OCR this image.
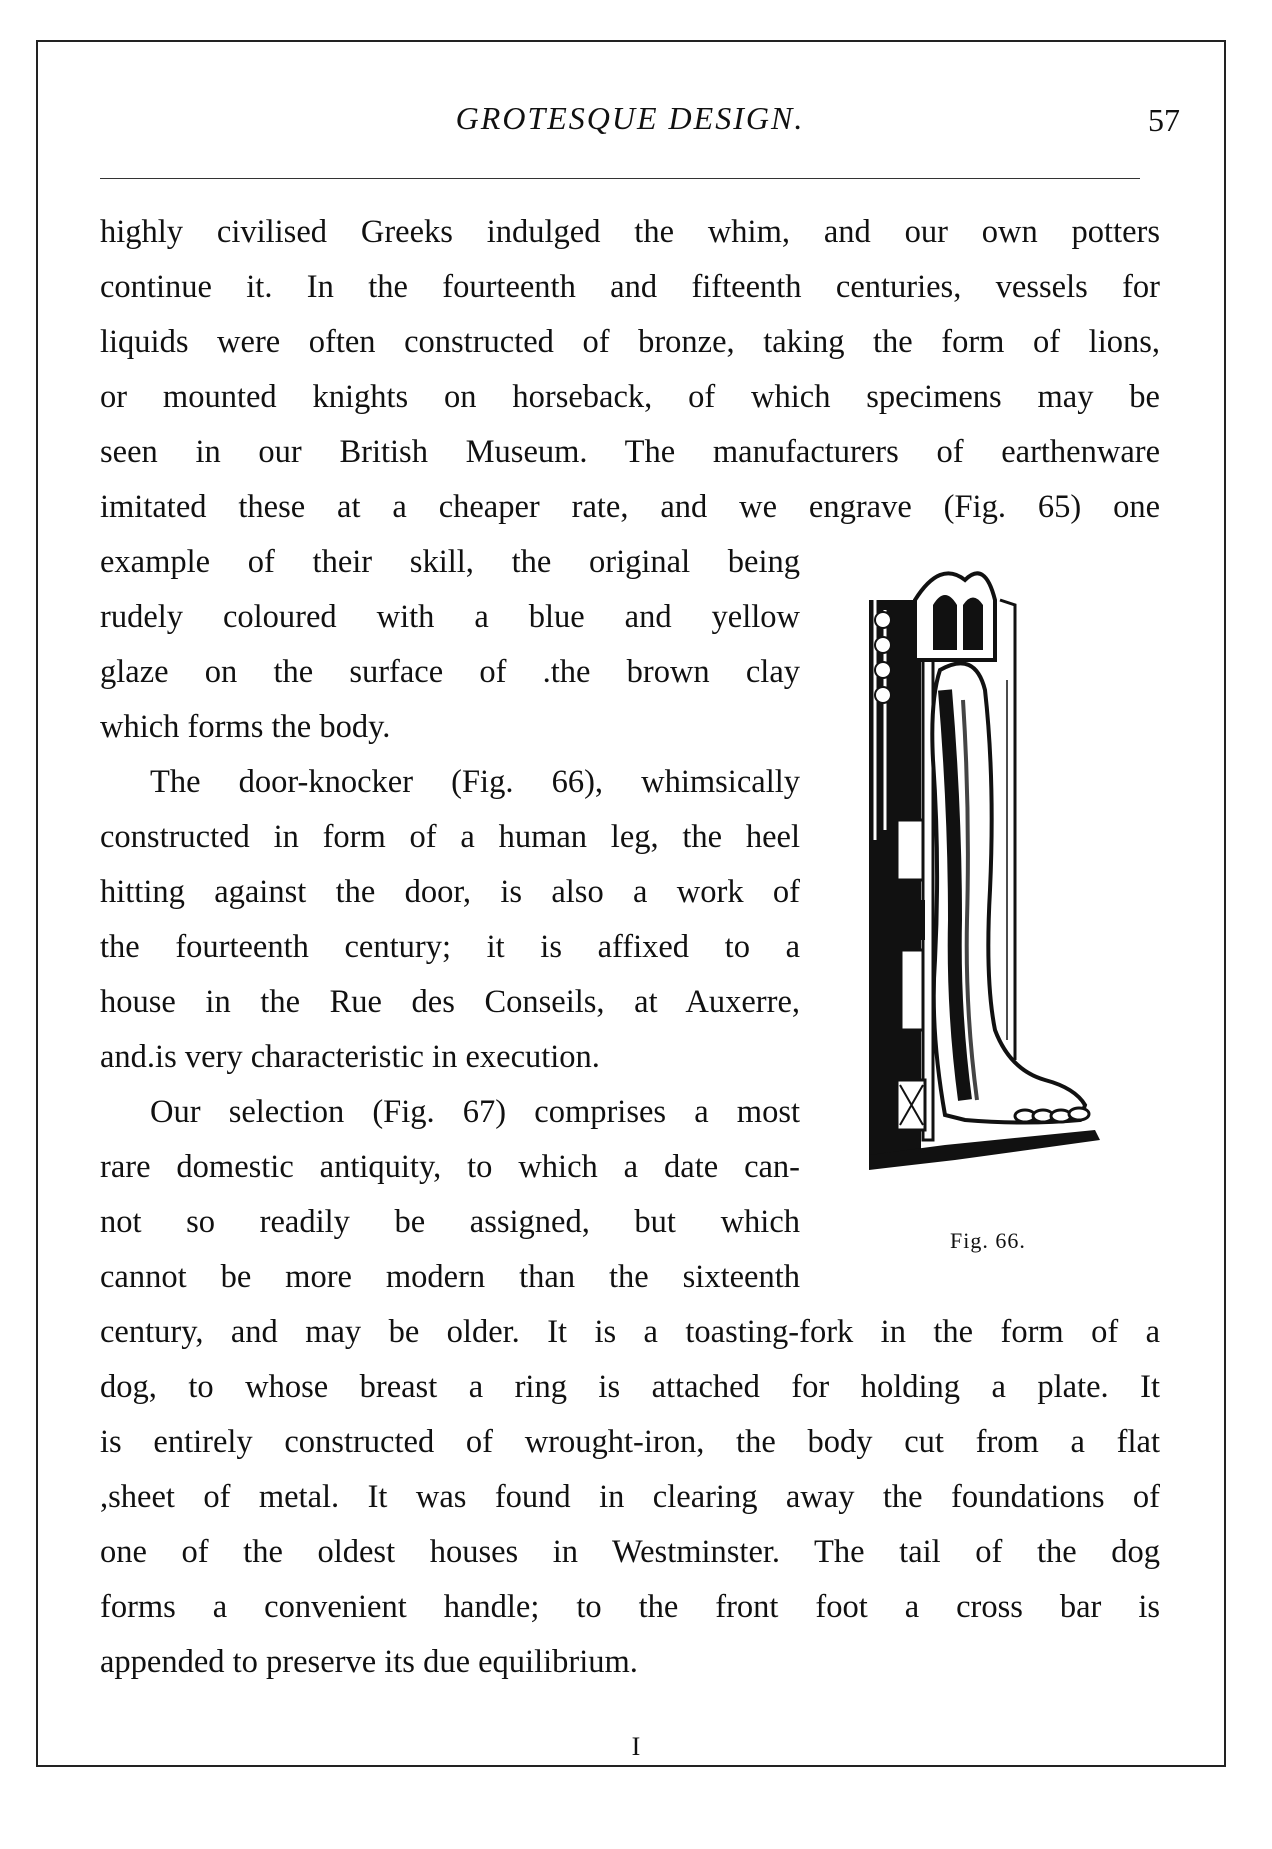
GROTESQUE DESIGN.	57
highly civilised Greeks indulged the whim, and our own potters
continue it. In the fourteenth and fifteenth centuries, vessels for
liquids were often constructed of bronze, taking the form of lions,
or mounted knights on horseback, of which specimens may be
seen in our British Museum. The manufacturers of earthenware
imitated these at a cheaper rate, and we engrave (Fig. 65) one
example of their skill, the original being
rudely coloured with a blue and yellow
glaze on the surface of .the brown clay
which forms the body.
The door-knocker (Fig. 66), whimsically
constructed in form of a human leg, the heel
hitting against the door, is also a work of
the fourteenth century; it is affixed to a
house in the Rue des Conseils, at Auxerre,
and.is very characteristic in execution.
Our selection (Fig. 67) comprises a most
rare domestic antiquity, to which a date can-
not so readily be assigned, but which
cannot be more modern than the sixteenth
century, and may be older. It is a toasting-fork in the form of a
dog, to whose breast a ring is attached for holding a plate. It
is entirely constructed of wrought-iron, the body cut from a flat
,sheet of metal. It was found in clearing away the foundations of
one of the oldest houses in Westminster. The tail of the dog
forms a convenient handle; to the front foot a cross bar is
appended to preserve its due equilibrium.
Fig. 66.
I
